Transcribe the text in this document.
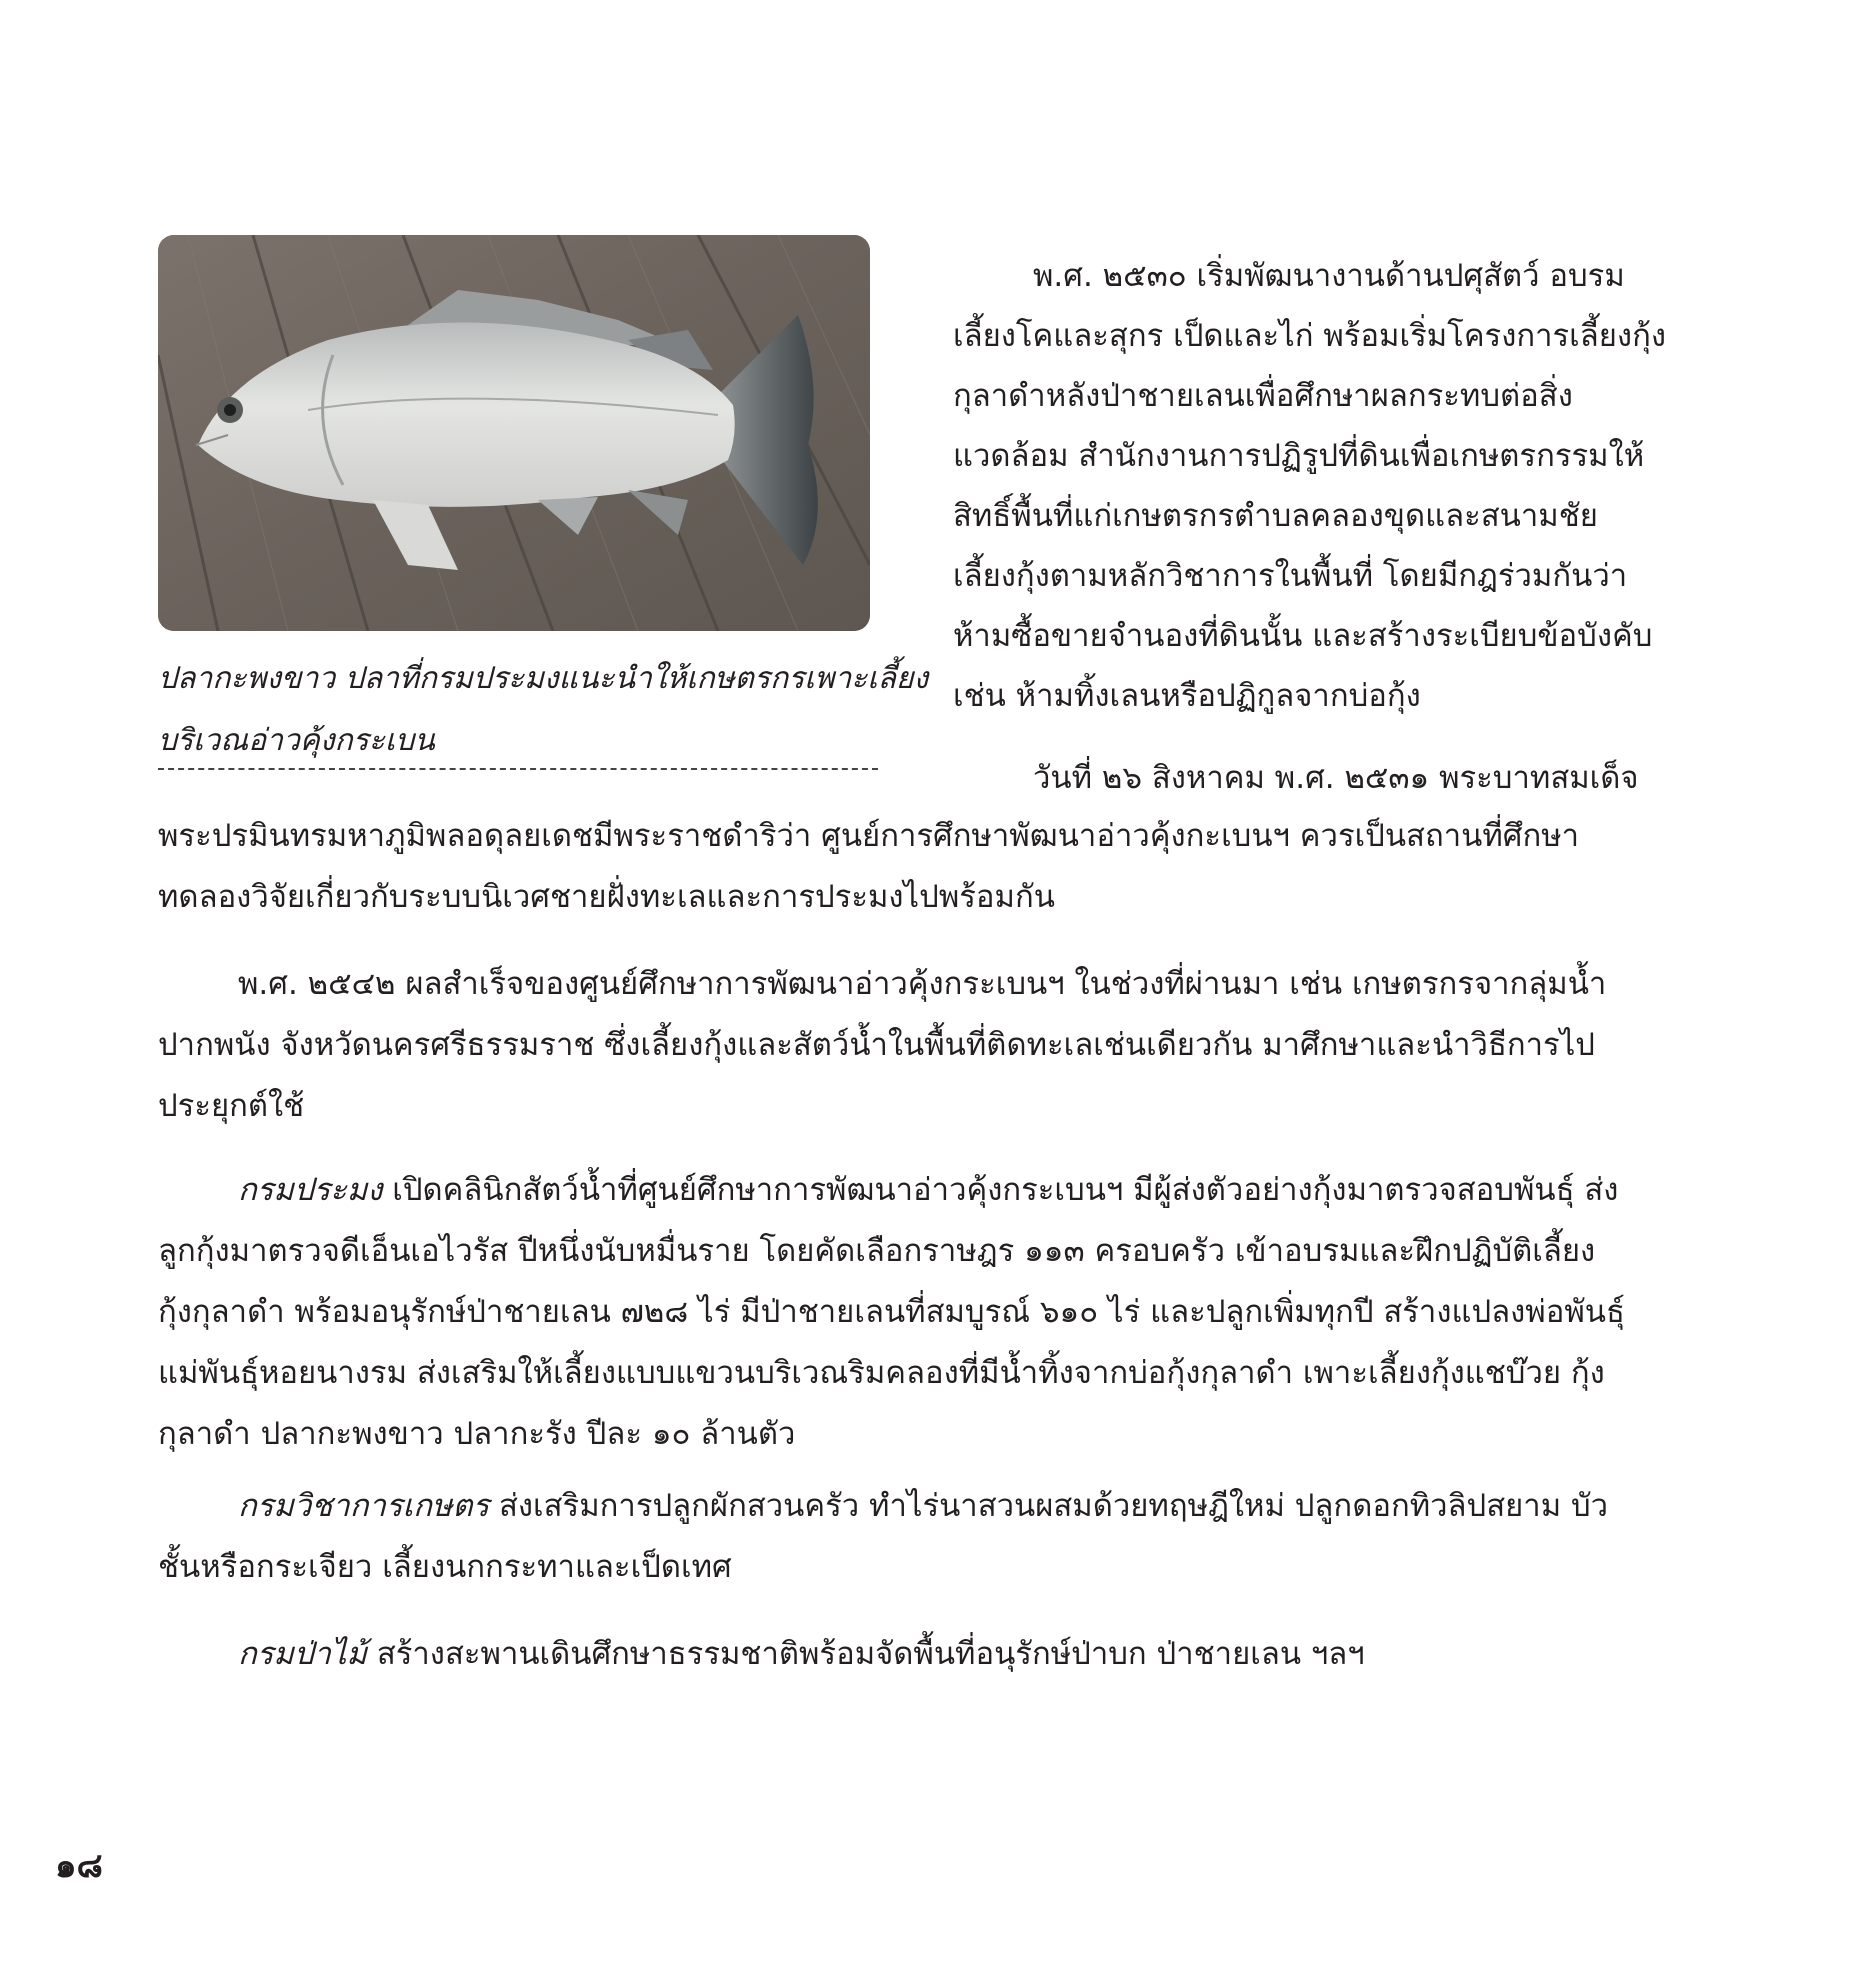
ปลากะพงขาว ปลาที่กรมประมงแนะนำให้เกษตรกรเพาะเลี้ยง
บริเวณอ่าวคุ้งกระเบน
พ.ศ. ๒๕๓๐ เริ่มพัฒนางานด้านปศุสัตว์ อบรม
เลี้ยงโคและสุกร เป็ดและไก่ พร้อมเริ่มโครงการเลี้ยงกุ้ง
กุลาดำหลังป่าชายเลนเพื่อศึกษาผลกระทบต่อสิ่ง
แวดล้อม สำนักงานการปฏิรูปที่ดินเพื่อเกษตรกรรมให้
สิทธิ์พื้นที่แก่เกษตรกรตำบลคลองขุดและสนามชัย
เลี้ยงกุ้งตามหลักวิชาการในพื้นที่ โดยมีกฎร่วมกันว่า
ห้ามซื้อขายจำนองที่ดินนั้น และสร้างระเบียบข้อบังคับ
เช่น ห้ามทิ้งเลนหรือปฏิกูลจากบ่อกุ้ง
วันที่ ๒๖ สิงหาคม พ.ศ. ๒๕๓๑ พระบาทสมเด็จ
พระปรมินทรมหาภูมิพลอดุลยเดชมีพระราชดำริว่า ศูนย์การศึกษาพัฒนาอ่าวคุ้งกะเบนฯ ควรเป็นสถานที่ศึกษา
ทดลองวิจัยเกี่ยวกับระบบนิเวศชายฝั่งทะเลและการประมงไปพร้อมกัน
พ.ศ. ๒๕๔๒ ผลสำเร็จของศูนย์ศึกษาการพัฒนาอ่าวคุ้งกระเบนฯ ในช่วงที่ผ่านมา เช่น เกษตรกรจากลุ่มน้ำ
ปากพนัง จังหวัดนครศรีธรรมราช ซึ่งเลี้ยงกุ้งและสัตว์น้ำในพื้นที่ติดทะเลเช่นเดียวกัน มาศึกษาและนำวิธีการไป
ประยุกต์ใช้
กรมประมง เปิดคลินิกสัตว์น้ำที่ศูนย์ศึกษาการพัฒนาอ่าวคุ้งกระเบนฯ มีผู้ส่งตัวอย่างกุ้งมาตรวจสอบพันธุ์ ส่ง
ลูกกุ้งมาตรวจดีเอ็นเอไวรัส ปีหนึ่งนับหมื่นราย โดยคัดเลือกราษฎร ๑๑๓ ครอบครัว เข้าอบรมและฝึกปฏิบัติเลี้ยง
กุ้งกุลาดำ พร้อมอนุรักษ์ป่าชายเลน ๗๒๘ ไร่ มีป่าชายเลนที่สมบูรณ์ ๖๑๐ ไร่ และปลูกเพิ่มทุกปี สร้างแปลงพ่อพันธุ์
แม่พันธุ์หอยนางรม ส่งเสริมให้เลี้ยงแบบแขวนบริเวณริมคลองที่มีน้ำทิ้งจากบ่อกุ้งกุลาดำ เพาะเลี้ยงกุ้งแชบ๊วย กุ้ง
กุลาดำ ปลากะพงขาว ปลากะรัง ปีละ ๑๐ ล้านตัว
กรมวิชาการเกษตร ส่งเสริมการปลูกผักสวนครัว ทำไร่นาสวนผสมด้วยทฤษฎีใหม่ ปลูกดอกทิวลิปสยาม บัว
ชั้นหรือกระเจียว เลี้ยงนกกระทาและเป็ดเทศ
กรมป่าไม้ สร้างสะพานเดินศึกษาธรรมชาติพร้อมจัดพื้นที่อนุรักษ์ป่าบก ป่าชายเลน ฯลฯ
๑๘
